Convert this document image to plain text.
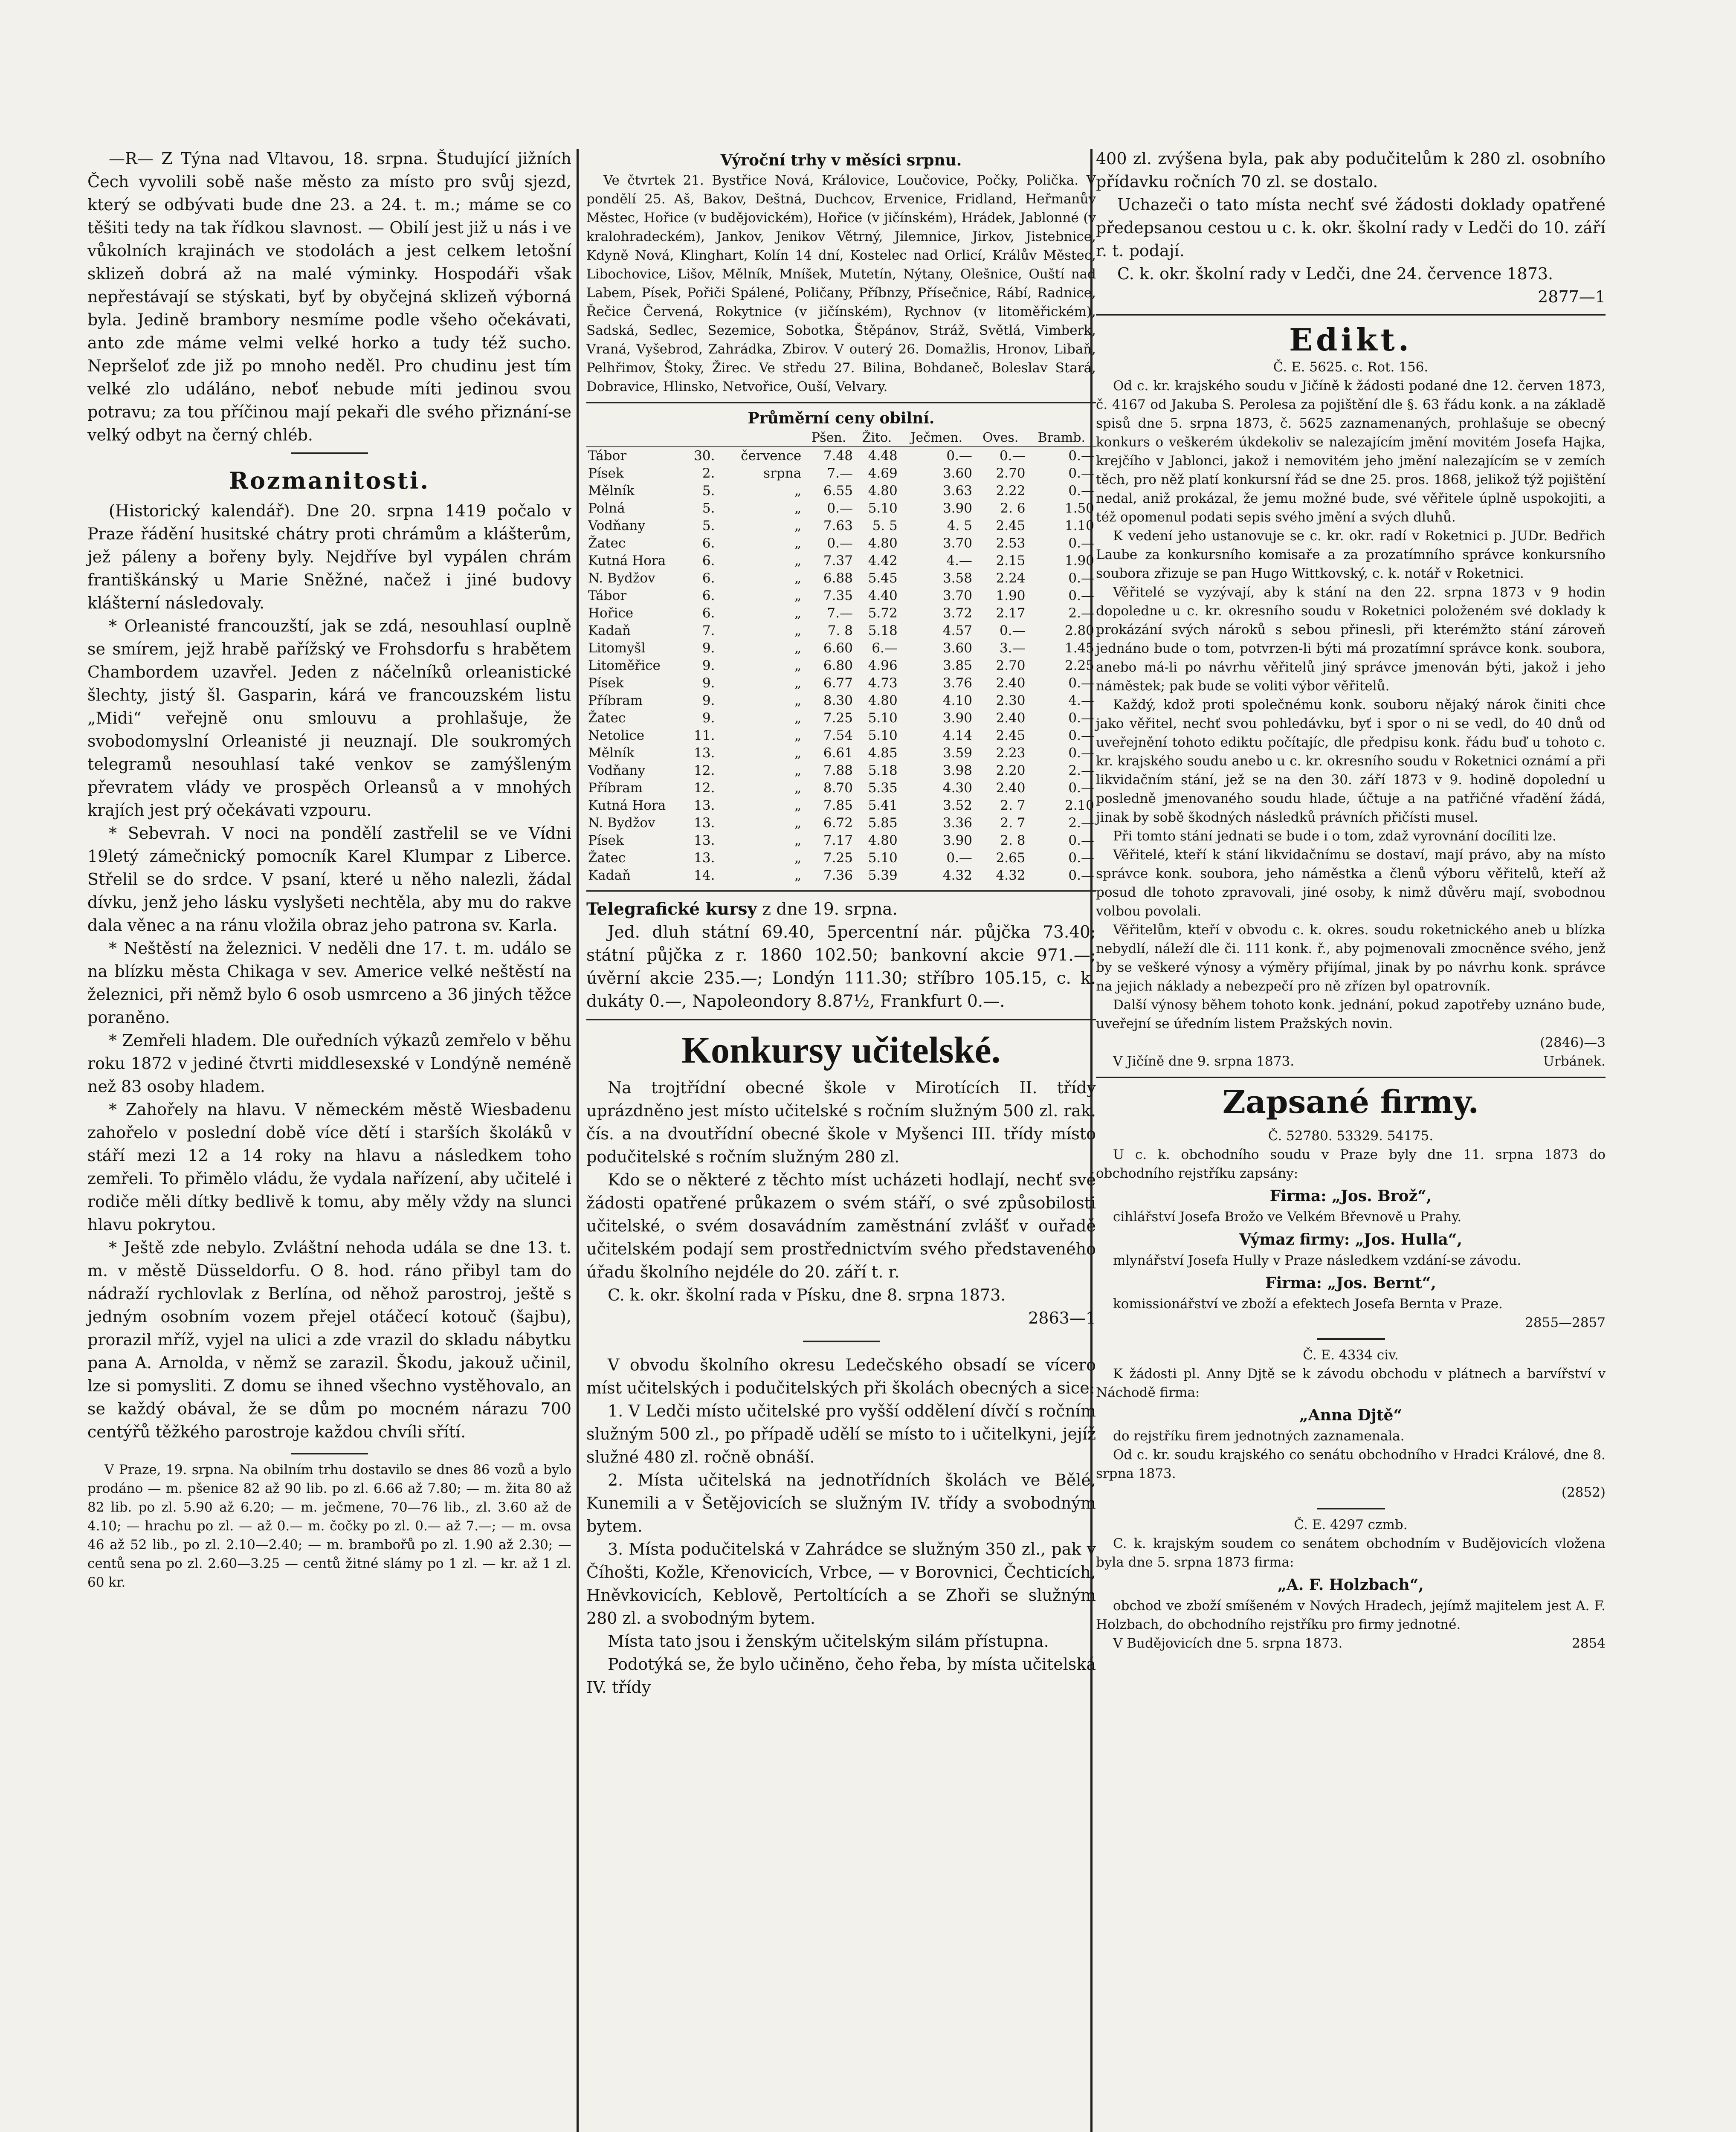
—R— Z Týna nad Vltavou, 18. srpna. Študující jižních Čech vyvolili sobě naše město za místo pro svůj sjezd, který se odbývati bude dne 23. a 24. t. m.; máme se co těšiti tedy na tak řídkou slavnost. — Obilí jest již u nás i ve vůkolních krajinách ve stodolách a jest celkem letošní sklizeň dobrá až na malé výminky. Hospodáři však nepřestávají se stýskati, byť by obyčejná sklizeň výborná byla. Jedině brambory nesmíme podle všeho očekávati, anto zde máme velmi velké horko a tudy též sucho. Nepršeloť zde již po mnoho neděl. Pro chudinu jest tím velké zlo událáno, neboť nebude míti jedinou svou potravu; za tou příčinou mají pekaři dle svého přiznání-se velký odbyt na černý chléb.

Rozmanitosti.

(Historický kalendář). Dne 20. srpna 1419 počalo v Praze řádění husitské chátry proti chrámům a klášterům, jež páleny a bořeny byly. Nejdříve byl vypálen chrám františkánský u Marie Sněžné, načež i jiné budovy klášterní následovaly.

* Orleanisté francouzští, jak se zdá, nesouhlasí ouplně se smírem, jejž hrabě pařížský ve Frohsdorfu s hrabětem Chambordem uzavřel. Jeden z náčelníků orleanistické šlechty, jistý šl. Gasparin, kárá ve francouzském listu „Midi“ veřejně onu smlouvu a prohlašuje, že svobodomyslní Orleanisté ji neuznají. Dle soukromých telegramů nesouhlasí také venkov se zamýšleným převratem vlády ve prospěch Orleansů a v mnohých krajích jest prý očekávati vzpouru.

* Sebevrah. V noci na pondělí zastřelil se ve Vídni 19letý zámečnický pomocník Karel Klumpar z Liberce. Střelil se do srdce. V psaní, které u něho nalezli, žádal dívku, jenž jeho lásku vyslyšeti nechtěla, aby mu do rakve dala věnec a na ránu vložila obraz jeho patrona sv. Karla.

* Neštěstí na železnici. V neděli dne 17. t. m. událo se na blízku města Chikaga v sev. Americe velké neštěstí na železnici, při němž bylo 6 osob usmrceno a 36 jiných těžce poraněno.

* Zemřeli hladem. Dle ouředních výkazů zemřelo v běhu roku 1872 v jediné čtvrti middlesexské v Londýně neméně než 83 osoby hladem.

* Zahořely na hlavu. V německém městě Wiesbadenu zahořelo v poslední době více dětí i starších školáků v stáří mezi 12 a 14 roky na hlavu a následkem toho zemřeli. To přimělo vládu, že vydala nařízení, aby učitelé i rodiče měli dítky bedlivě k tomu, aby měly vždy na slunci hlavu pokrytou.

* Ještě zde nebylo. Zvláštní nehoda udála se dne 13. t. m. v městě Düsseldorfu. O 8. hod. ráno přibyl tam do nádraží rychlovlak z Berlína, od něhož parostroj, ještě s jedným osobním vozem přejel otáčecí kotouč (šajbu), prorazil mříž, vyjel na ulici a zde vrazil do skladu nábytku pana A. Arnolda, v němž se zarazil. Škodu, jakouž učinil, lze si pomysliti. Z domu se ihned všechno vystěhovalo, an se každý obával, že se dům po mocném nárazu 700 centýřů těžkého parostroje každou chvíli sřítí.

V Praze, 19. srpna. Na obilním trhu dostavilo se dnes 86 vozů a bylo prodáno — m. pšenice 82 až 90 lib. po zl. 6.66 až 7.80; — m. žita 80 až 82 lib. po zl. 5.90 až 6.20; — m. ječmene, 70—76 lib., zl. 3.60 až de 4.10; — hrachu po zl. — až 0.— m. čočky po zl. 0.— až 7.—; — m. ovsa 46 až 52 lib., po zl. 2.10—2.40; — m. brambořů po zl. 1.90 až 2.30; — centů sena po zl. 2.60—3.25 — centů žitné slámy po 1 zl. — kr. až 1 zl. 60 kr.

Výroční trhy v měsíci srpnu.

Ve čtvrtek 21. Bystřice Nová, Královice, Loučovice, Počky, Polička. V pondělí 25. Aš, Bakov, Deštná, Duchcov, Ervenice, Fridland, Heřmanův Městec, Hořice (v budějovickém), Hořice (v jičínském), Hrádek, Jablonné (v kralohradeckém), Jankov, Jenikov Větrný, Jilemnice, Jirkov, Jistebnice, Kdyně Nová, Klinghart, Kolín 14 dní, Kostelec nad Orlicí, Králův Městec, Libochovice, Lišov, Mělník, Mníšek, Mutetín, Nýtany, Olešnice, Ouští nad Labem, Písek, Pořiči Spálené, Poličany, Příbnzy, Přísečnice, Rábí, Radnice, Řečice Červená, Rokytnice (v jičínském), Rychnov (v litoměřickém), Sadská, Sedlec, Sezemice, Sobotka, Štěpánov, Stráž, Světlá, Vimberk, Vraná, Vyšebrod, Zahrádka, Zbirov. V outerý 26. Domažlis, Hronov, Libaň, Pelhřimov, Štoky, Žirec. Ve středu 27. Bilina, Bohdaneč, Boleslav Stará, Dobravice, Hlinsko, Netvořice, Ouší, Velvary.

Průměrní ceny obilní.
			Pšen.	Žito.	Ječmen.	Oves.	Bramb.
Tábor	30.	července	7.48	4.48	0.—	0.—	0.—
Písek	2.	srpna	7.—	4.69	3.60	2.70	0.—
Mělník	5.	„	6.55	4.80	3.63	2.22	0.—
Polná	5.	„	0.—	5.10	3.90	2. 6	1.50
Vodňany	5.	„	7.63	5. 5	4. 5	2.45	1.10
Žatec	6.	„	0.—	4.80	3.70	2.53	0.—
Kutná Hora	6.	„	7.37	4.42	4.—	2.15	1.90
N. Bydžov	6.	„	6.88	5.45	3.58	2.24	0.—
Tábor	6.	„	7.35	4.40	3.70	1.90	0.—
Hořice	6.	„	7.—	5.72	3.72	2.17	2.—
Kadaň	7.	„	7. 8	5.18	4.57	0.—	2.80
Litomyšl	9.	„	6.60	6.—	3.60	3.—	1.45
Litoměřice	9.	„	6.80	4.96	3.85	2.70	2.25
Písek	9.	„	6.77	4.73	3.76	2.40	0.—
Příbram	9.	„	8.30	4.80	4.10	2.30	4.—
Žatec	9.	„	7.25	5.10	3.90	2.40	0.—
Netolice	11.	„	7.54	5.10	4.14	2.45	0.—
Mělník	13.	„	6.61	4.85	3.59	2.23	0.—
Vodňany	12.	„	7.88	5.18	3.98	2.20	2.—
Příbram	12.	„	8.70	5.35	4.30	2.40	0.—
Kutná Hora	13.	„	7.85	5.41	3.52	2. 7	2.10
N. Bydžov	13.	„	6.72	5.85	3.36	2. 7	2.—
Písek	13.	„	7.17	4.80	3.90	2. 8	0.—
Žatec	13.	„	7.25	5.10	0.—	2.65	0.—
Kadaň	14.	„	7.36	5.39	4.32	4.32	0.—

Telegrafické kursy z dne 19. srpna.

Jed. dluh státní 69.40, 5percentní nár. půjčka 73.40; státní půjčka z r. 1860 102.50; bankovní akcie 971.—; úvěrní akcie 235.—; Londýn 111.30; stříbro 105.15, c. k. dukáty 0.—, Napoleondory 8.87½, Frankfurt 0.—.

Konkursy učitelské.

Na trojtřídní obecné škole v Mirotících II. třídy uprázdněno jest místo učitelské s ročním služným 500 zl. rak. čís. a na dvoutřídní obecné škole v Myšenci III. třídy místo podučitelské s ročním služným 280 zl.

Kdo se o některé z těchto míst ucházeti hodlají, nechť své žádosti opatřené průkazem o svém stáří, o své způsobilosti učitelské, o svém dosavádním zaměstnání zvlášť v ouřadě učitelském podají sem prostřednictvím svého představeného úřadu školního nejdéle do 20. září t. r.

C. k. okr. školní rada v Písku, dne 8. srpna 1873.

2863—1

V obvodu školního okresu Ledečského obsadí se vícero míst učitelských i podučitelských při školách obecných a sice:

1. V Ledči místo učitelské pro vyšší oddělení dívčí s ročním služným 500 zl., po případě udělí se místo to i učitelkyni, jejíž služné 480 zl. ročně obnáší.

2. Místa učitelská na jednotřídních školách ve Bělé, Kunemili a v Šetějovicích se služným IV. třídy a svobodným bytem.

3. Místa podučitelská v Zahrádce se služným 350 zl., pak v Číhošti, Kožle, Křenovicích, Vrbce, — v Borovnici, Čechticích, Hněvkovicích, Keblově, Pertoltících a se Zhoři se služným 280 zl. a svobodným bytem.

Místa tato jsou i ženským učitelským silám přístupna.

Podotýká se, že bylo učiněno, čeho řeba, by místa učitelská IV. třídy

400 zl. zvýšena byla, pak aby podučitelům k 280 zl. osobního přídavku ročních 70 zl. se dostalo.

Uchazeči o tato místa nechť své žádosti doklady opatřené předepsanou cestou u c. k. okr. školní rady v Ledči do 10. září r. t. podají.

C. k. okr. školní rady v Ledči, dne 24. července 1873.

2877—1

Edikt.

Č. E. 5625. c. Rot. 156.

Od c. kr. krajského soudu v Jičíně k žádosti podané dne 12. červen 1873, č. 4167 od Jakuba S. Perolesa za pojištění dle §. 63 řádu konk. a na základě spisů dne 5. srpna 1873, č. 5625 zaznamenaných, prohlašuje se obecný konkurs o veškerém úkdekoliv se nalezajícím jmění movitém Josefa Hajka, krejčího v Jablonci, jakož i nemovitém jeho jmění nalezajícím se v zemích těch, pro něž platí konkursní řád se dne 25. pros. 1868, jelikož týž pojištění nedal, aniž prokázal, že jemu možné bude, své věřitele úplně uspokojiti, a též opomenul podati sepis svého jmění a svých dluhů.

K vedení jeho ustanovuje se c. kr. okr. radí v Roketnici p. JUDr. Bedřich Laube za konkursního komisaře a za prozatímního správce konkursního soubora zřizuje se pan Hugo Wittkovský, c. k. notář v Roketnici.

Věřitelé se vyzývají, aby k stání na den 22. srpna 1873 v 9 hodin dopoledne u c. kr. okresního soudu v Roketnici položeném své doklady k prokázání svých nároků s sebou přinesli, při kterémžto stání zároveň jednáno bude o tom, potvrzen-li býti má prozatímní správce konk. soubora, anebo má-li po návrhu věřitelů jiný správce jmenován býti, jakož i jeho náměstek; pak bude se voliti výbor věřitelů.

Každý, kdož proti společnému konk. souboru nějaký nárok činiti chce jako věřitel, nechť svou pohledávku, byť i spor o ni se vedl, do 40 dnů od uveřejnění tohoto ediktu počítajíc, dle předpisu konk. řádu buď u tohoto c. kr. krajského soudu anebo u c. kr. okresního soudu v Roketnici oznámí a při likvidačním stání, jež se na den 30. září 1873 v 9. hodině dopolední u posledně jmenovaného soudu hlade, účtuje a na patřičné vřadění žádá, jinak by sobě škodných následků právních přičísti musel.

Při tomto stání jednati se bude i o tom, zdaž vyrovnání docíliti lze.

Věřitelé, kteří k stání likvidačnímu se dostaví, mají právo, aby na místo správce konk. soubora, jeho náměstka a členů výboru věřitelů, kteří až posud dle tohoto zpravovali, jiné osoby, k nimž důvěru mají, svobodnou volbou povolali.

Věřitelům, kteří v obvodu c. k. okres. soudu roketnického aneb u blízka nebydlí, náleží dle či. 111 konk. ř., aby pojmenovali zmocněnce svého, jenž by se veškeré výnosy a výměry přijímal, jinak by po návrhu konk. správce na jejich náklady a nebezpečí pro ně zřízen byl opatrovník.

Další výnosy během tohoto konk. jednání, pokud zapotřeby uznáno bude, uveřejní se úředním listem Pražských novin.

(2846)—3

V Jičíně dne 9. srpna 1873.	Urbánek.

Zapsané firmy.

Č. 52780. 53329. 54175.

U c. k. obchodního soudu v Praze byly dne 11. srpna 1873 do obchodního rejstříku zapsány:

Firma: „Jos. Brož“,

cihlářství Josefa Brožo ve Velkém Břevnově u Prahy.

Výmaz firmy: „Jos. Hulla“,

mlynářství Josefa Hully v Praze následkem vzdání-se závodu.

Firma: „Jos. Bernt“,

komissionářství ve zboží a efektech Josefa Bernta v Praze.

2855—2857

Č. E. 4334 civ.

K žádosti pl. Anny Djtě se k závodu obchodu v plátnech a barvířství v Náchodě firma:

„Anna Djtě“

do rejstříku firem jednotných zaznamenala.

Od c. kr. soudu krajského co senátu obchodního v Hradci Králové, dne 8. srpna 1873.

(2852)

Č. E. 4297 czmb.

C. k. krajským soudem co senátem obchodním v Budějovicích vložena byla dne 5. srpna 1873 firma:

„A. F. Holzbach“,

obchod ve zboží smíšeném v Nových Hradech, jejímž majitelem jest A. F. Holzbach, do obchodního rejstříku pro firmy jednotné.

V Budějovicích dne 5. srpna 1873.	2854
